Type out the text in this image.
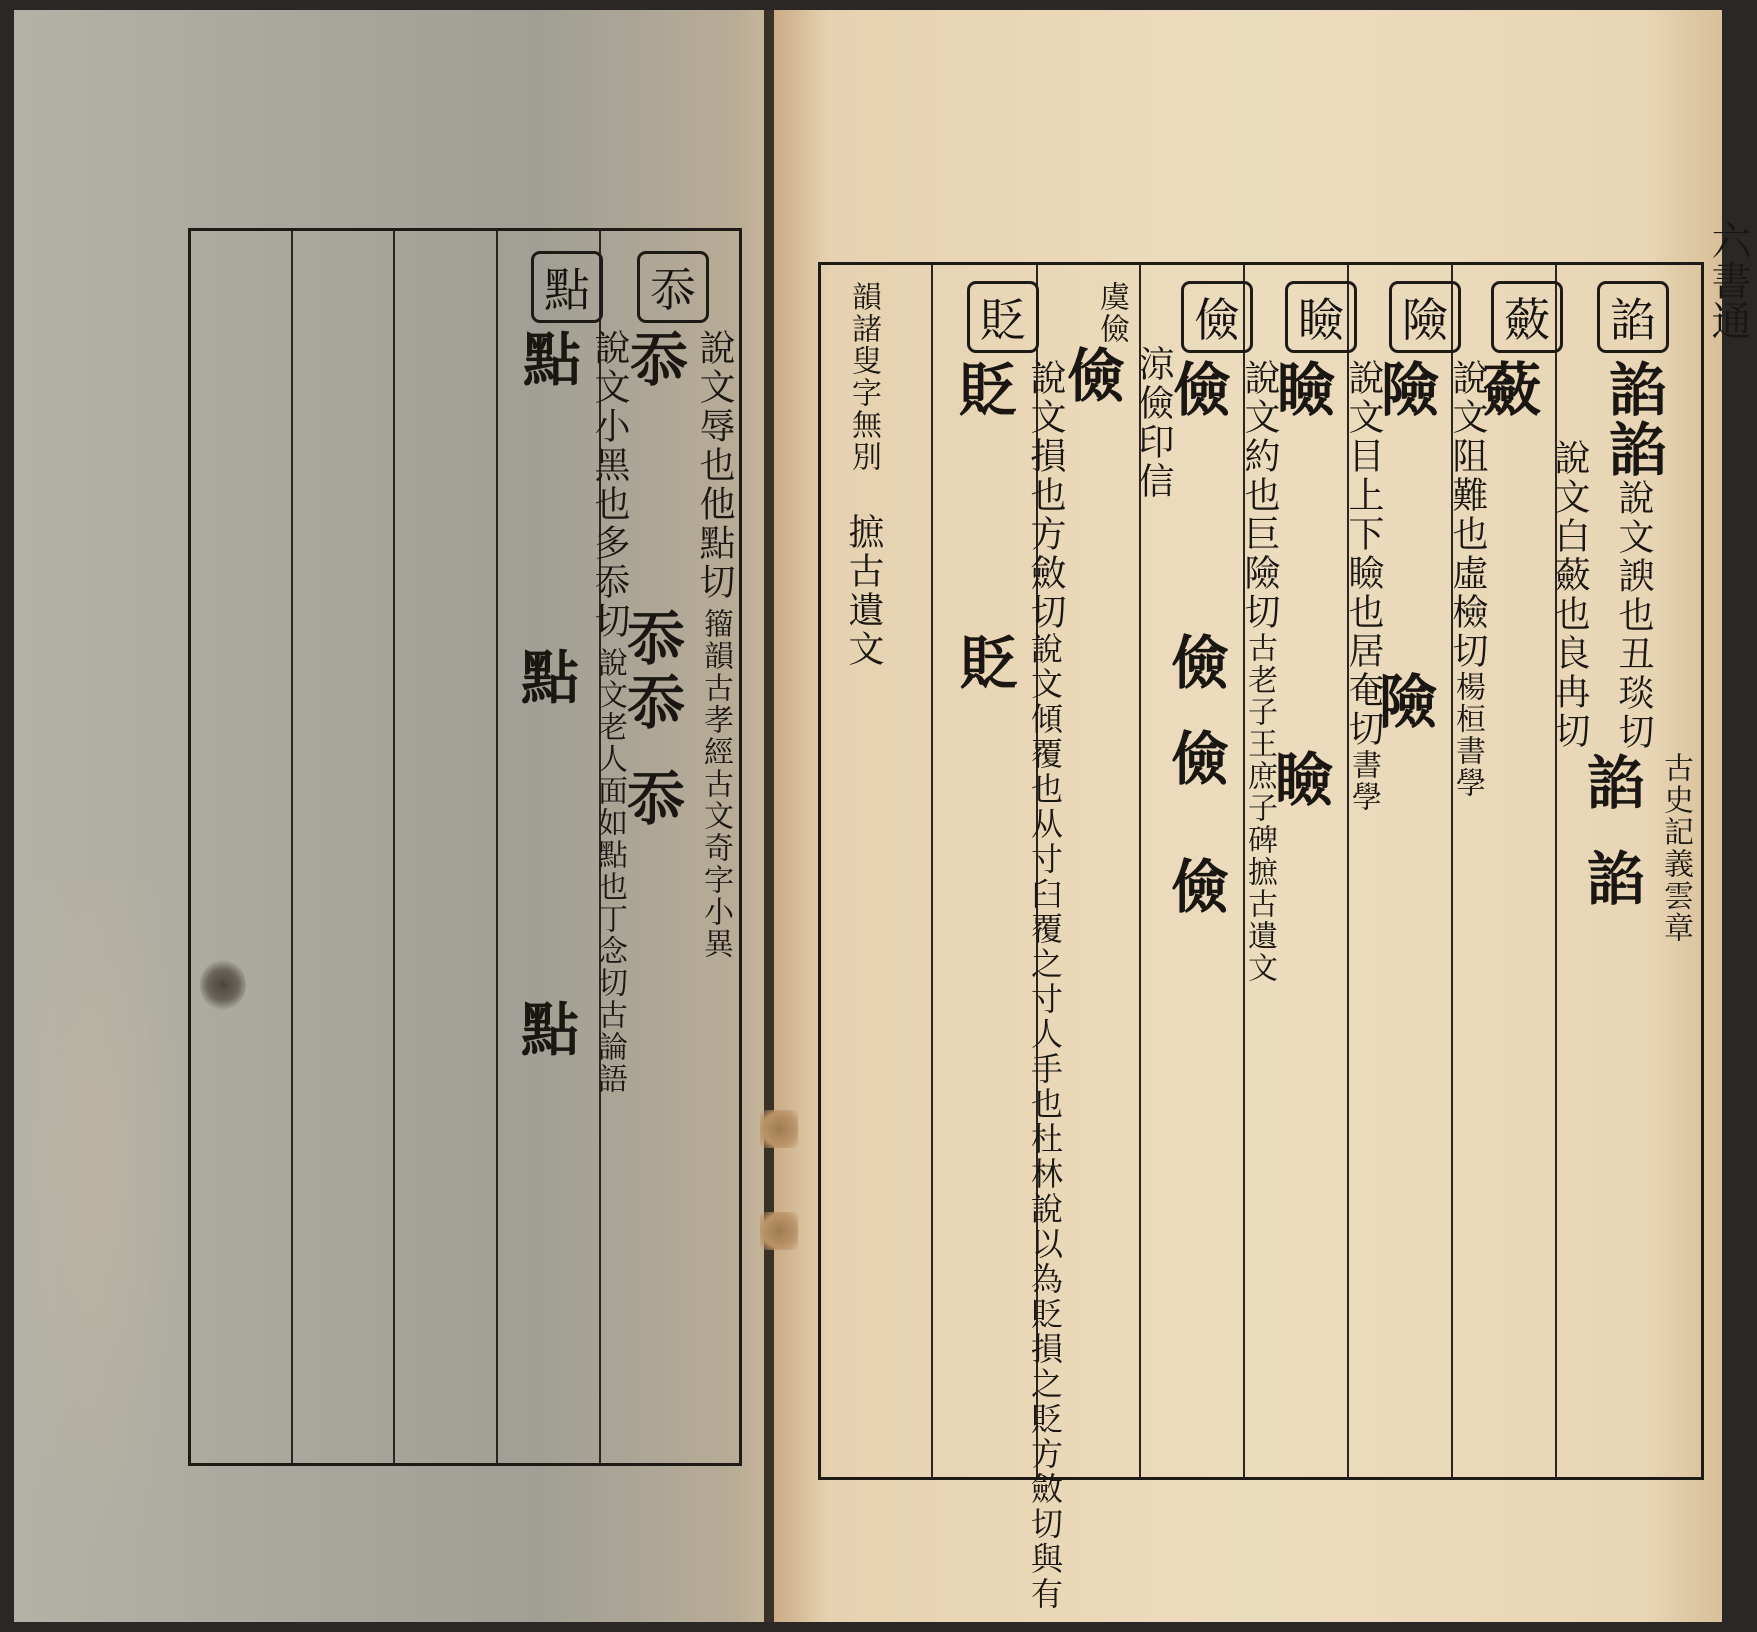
忝
說文辱也他點切
忝
籀韻
忝
古孝經
忝
古文奇字小異
忝
點
說文小黑也多忝切
點
說文老人面如點也丁念切
點
古論語
點
諂
諂
諂
說文諛也丑琰切
古史記
諂
義雲章
諂
蘞
說文白蘞也良冉切
蘞
險
說文阻難也虛檢切
險
楊桓書學
險
瞼
說文目上下瞼也居奄切
瞼
書學
瞼
儉
說文約也巨險切
儉
古老子
儉
王庶子碑
儉
摭古遺文
儉
虞儉
涼儉印信
儉
貶
說文損也方斂切
貶
說文傾覆也从寸臼覆之寸人手也杜林說以為貶損之貶方斂切與有
貶
韻諸叟字無別
摭古遺文
六書通
